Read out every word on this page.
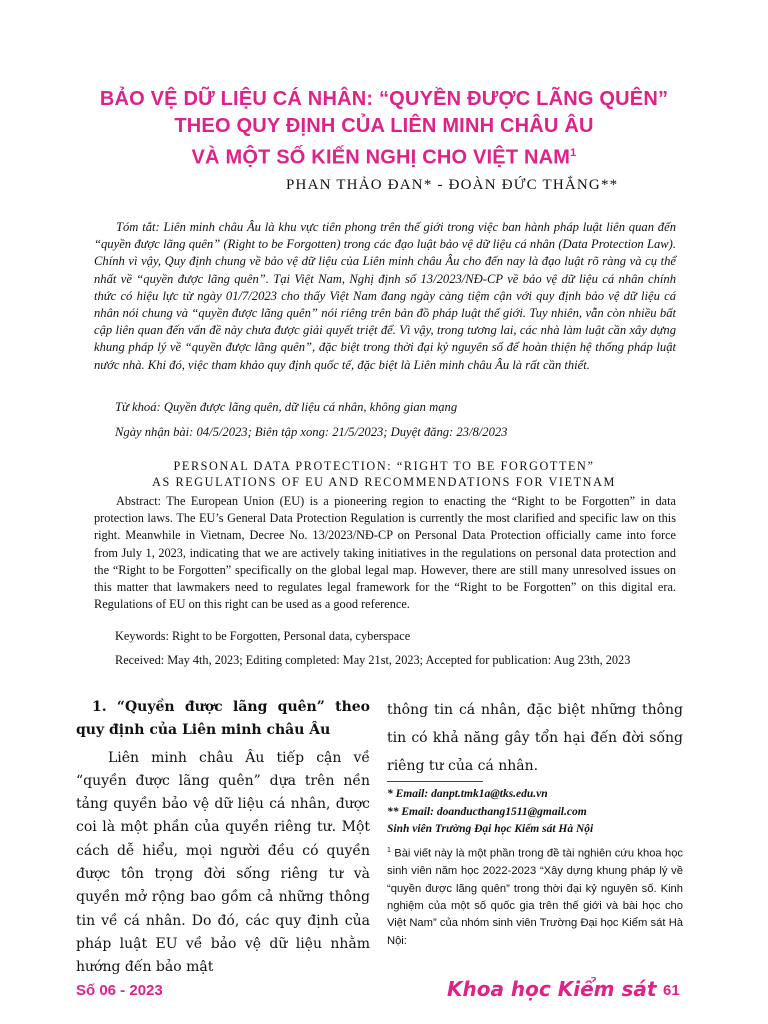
BẢO VỆ DỮ LIỆU CÁ NHÂN: “QUYỀN ĐƯỢC LÃNG QUÊN”
THEO QUY ĐỊNH CỦA LIÊN MINH CHÂU ÂU
VÀ MỘT SỐ KIẾN NGHỊ CHO VIỆT NAM$^1$
PHAN THẢO ĐAN* - ĐOÀN ĐỨC THẮNG**
Tóm tắt: Liên minh châu Âu là khu vực tiên phong trên thế giới trong việc ban hành pháp luật liên quan đến “quyền được lãng quên” (Right to be Forgotten) trong các đạo luật bảo vệ dữ liệu cá nhân (Data Protection Law). Chính vì vậy, Quy định chung về bảo vệ dữ liệu của Liên minh châu Âu cho đến nay là đạo luật rõ ràng và cụ thể nhất về “quyền được lãng quên”. Tại Việt Nam, Nghị định số 13/2023/NĐ-CP về bảo vệ dữ liệu cá nhân chính thức có hiệu lực từ ngày 01/7/2023 cho thấy Việt Nam đang ngày càng tiệm cận với quy định bảo vệ dữ liệu cá nhân nói chung và “quyền được lãng quên” nói riêng trên bản đồ pháp luật thế giới. Tuy nhiên, vẫn còn nhiều bất cập liên quan đến vấn đề này chưa được giải quyết triệt để. Vì vậy, trong tương lai, các nhà làm luật cần xây dựng khung pháp lý về “quyền được lãng quên”, đặc biệt trong thời đại kỷ nguyên số để hoàn thiện hệ thống pháp luật nước nhà. Khi đó, việc tham khảo quy định quốc tế, đặc biệt là Liên minh châu Âu là rất cần thiết.
Từ khoá: Quyền được lãng quên, dữ liệu cá nhân, không gian mạng
Ngày nhận bài: 04/5/2023; Biên tập xong: 21/5/2023; Duyệt đăng: 23/8/2023
PERSONAL DATA PROTECTION: “RIGHT TO BE FORGOTTEN”
AS REGULATIONS OF EU AND RECOMMENDATIONS FOR VIETNAM
Abstract: The European Union (EU) is a pioneering region to enacting the “Right to be Forgotten” in data protection laws. The EU’s General Data Protection Regulation is currently the most clarified and specific law on this right. Meanwhile in Vietnam, Decree No. 13/2023/NĐ-CP on Personal Data Protection officially came into force from July 1, 2023, indicating that we are actively taking initiatives in the regulations on personal data protection and the “Right to be Forgotten” specifically on the global legal map. However, there are still many unresolved issues on this matter that lawmakers need to regulates legal framework for the “Right to be Forgotten” on this digital era. Regulations of EU on this right can be used as a good reference.
Keywords: Right to be Forgotten, Personal data, cyberspace
Received: May 4th, 2023; Editing completed: May 21st, 2023; Accepted for publication: Aug 23th, 2023
1. “Quyền được lãng quên” theo quy định của Liên minh châu Âu
Liên minh châu Âu tiếp cận về “quyền được lãng quên” dựa trên nền tảng quyền bảo vệ dữ liệu cá nhân, được coi là một phần của quyền riêng tư. Một cách dễ hiểu, mọi người đều có quyền được tôn trọng đời sống riêng tư và quyền mở rộng bao gồm cả những thông tin về cá nhân. Do đó, các quy định của pháp luật EU về bảo vệ dữ liệu nhằm hướng đến bảo mật
thông tin cá nhân, đặc biệt những thông tin có khả năng gây tổn hại đến đời sống riêng tư của cá nhân.
* Email: danpt.tmk1a@tks.edu.vn
** Email: doanducthang1511@gmail.com
Sinh viên Trường Đại học Kiểm sát Hà Nội
$^1$ Bài viết này là một phần trong đề tài nghiên cứu khoa học sinh viên năm học 2022-2023 “Xây dựng khung pháp lý về “quyền được lãng quên” trong thời đại kỷ nguyên số. Kinh nghiệm của một số quốc gia trên thế giới và bài học cho Việt Nam” của nhóm sinh viên Trường Đại học Kiểm sát Hà Nội:
Số 06 - 2023	Khoa học Kiểm sát 61
